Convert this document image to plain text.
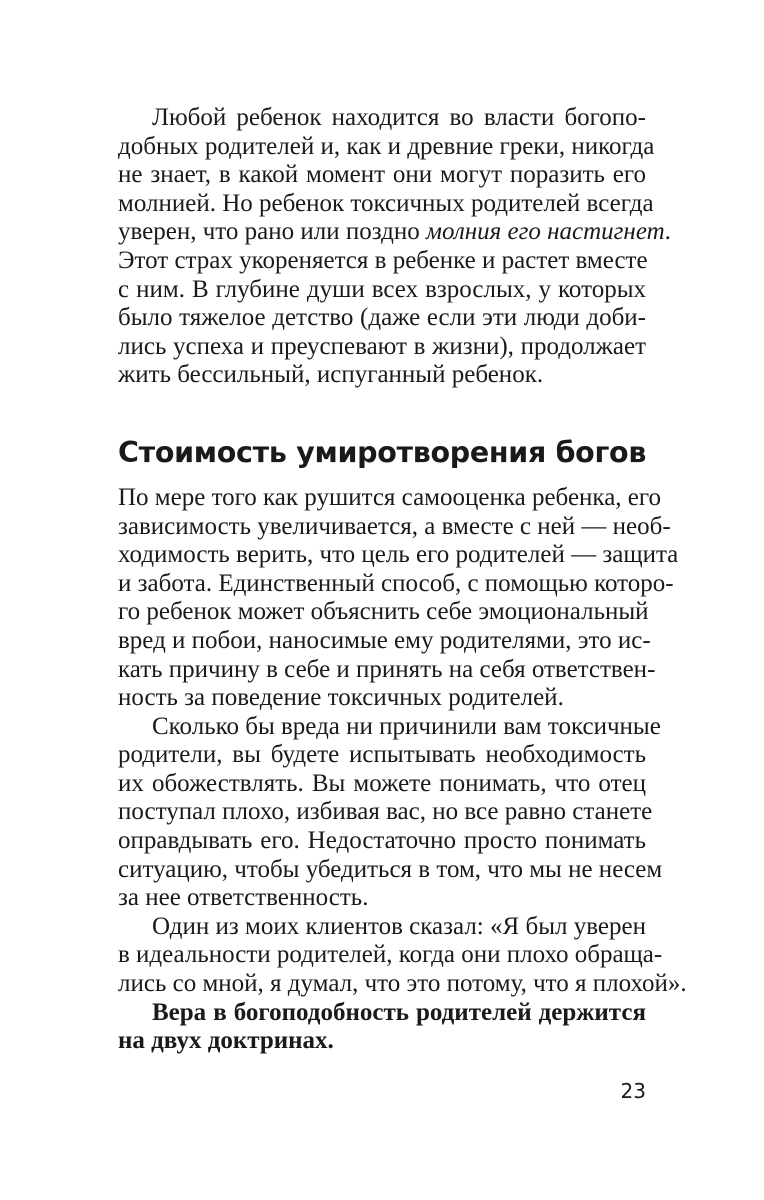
Любой ребенок находится во власти богопо-
добных родителей и, как и древние греки, никогда
не знает, в какой момент они могут поразить его
молнией. Но ребенок токсичных родителей всегда
уверен, что рано или поздно молния его настигнет.
Этот страх укореняется в ребенке и растет вместе
с ним. В глубине души всех взрослых, у которых
было тяжелое детство (даже если эти люди доби-
лись успеха и преуспевают в жизни), продолжает
жить бессильный, испуганный ребенок.
Стоимость умиротворения богов
По мере того как рушится самооценка ребенка, его
зависимость увеличивается, а вместе с ней — необ-
ходимость верить, что цель его родителей — защита
и забота. Единственный способ, с помощью которо-
го ребенок может объяснить себе эмоциональный
вред и побои, наносимые ему родителями, это ис-
кать причину в себе и принять на себя ответствен-
ность за поведение токсичных родителей.
Сколько бы вреда ни причинили вам токсичные
родители, вы будете испытывать необходимость
их обожествлять. Вы можете понимать, что отец
поступал плохо, избивая вас, но все равно станете
оправдывать его. Недостаточно просто понимать
ситуацию, чтобы убедиться в том, что мы не несем
за нее ответственность.
Один из моих клиентов сказал: «Я был уверен
в идеальности родителей, когда они плохо обраща-
лись со мной, я думал, что это потому, что я плохой».
Вера в богоподобность родителей держится
на двух доктринах.
23
